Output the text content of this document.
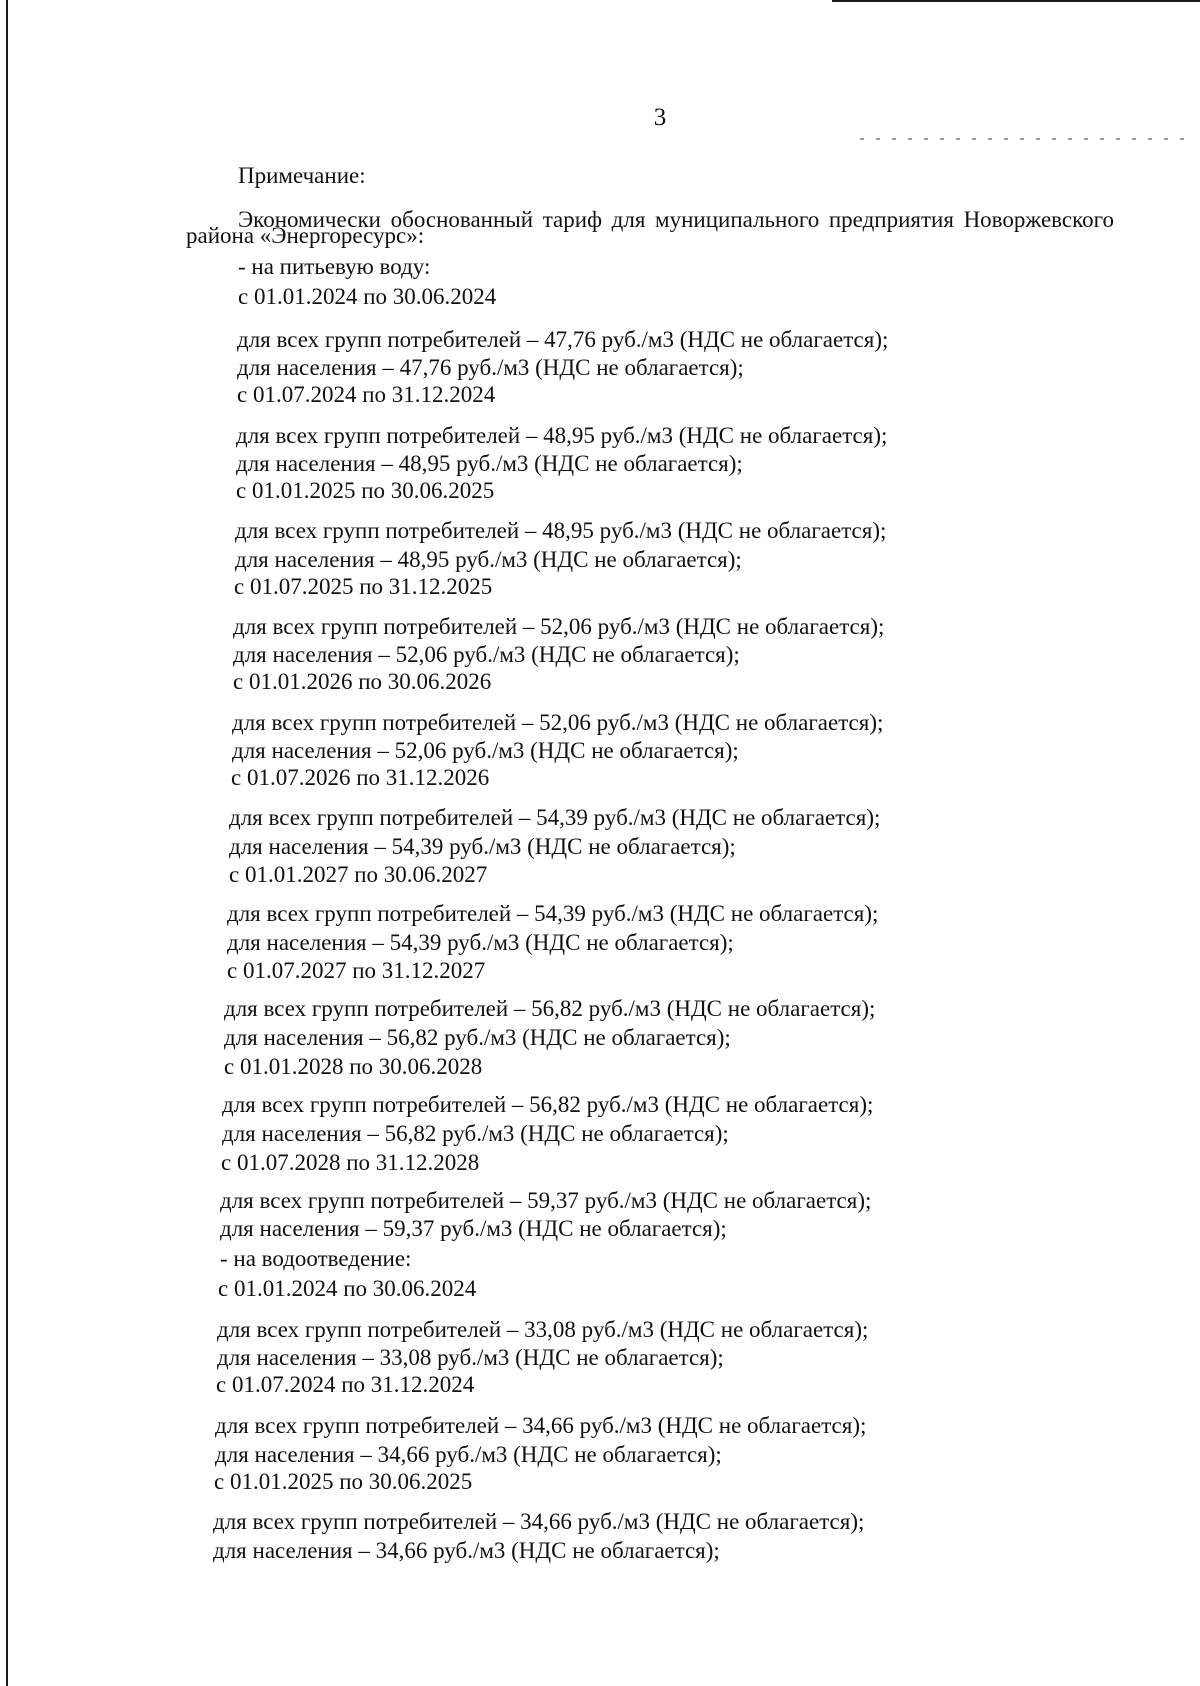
3
Примечание:
Экономически обоснованный тариф для муниципального предприятия Новоржевского
района «Энергоресурс»:
- на питьевую воду:
с 01.01.2024 по 30.06.2024
для всех групп потребителей – 47,76 руб./м3 (НДС не облагается);
для населения – 47,76 руб./м3 (НДС не облагается);
с 01.07.2024 по 31.12.2024
для всех групп потребителей – 48,95 руб./м3 (НДС не облагается);
для населения – 48,95 руб./м3 (НДС не облагается);
с 01.01.2025 по 30.06.2025
для всех групп потребителей – 48,95 руб./м3 (НДС не облагается);
для населения – 48,95 руб./м3 (НДС не облагается);
с 01.07.2025 по 31.12.2025
для всех групп потребителей – 52,06 руб./м3 (НДС не облагается);
для населения – 52,06 руб./м3 (НДС не облагается);
с 01.01.2026 по 30.06.2026
для всех групп потребителей – 52,06 руб./м3 (НДС не облагается);
для населения – 52,06 руб./м3 (НДС не облагается);
с 01.07.2026 по 31.12.2026
для всех групп потребителей – 54,39 руб./м3 (НДС не облагается);
для населения – 54,39 руб./м3 (НДС не облагается);
с 01.01.2027 по 30.06.2027
для всех групп потребителей – 54,39 руб./м3 (НДС не облагается);
для населения – 54,39 руб./м3 (НДС не облагается);
с 01.07.2027 по 31.12.2027
для всех групп потребителей – 56,82 руб./м3 (НДС не облагается);
для населения – 56,82 руб./м3 (НДС не облагается);
с 01.01.2028 по 30.06.2028
для всех групп потребителей – 56,82 руб./м3 (НДС не облагается);
для населения – 56,82 руб./м3 (НДС не облагается);
с 01.07.2028 по 31.12.2028
для всех групп потребителей – 59,37 руб./м3 (НДС не облагается);
для населения – 59,37 руб./м3 (НДС не облагается);
- на водоотведение:
с 01.01.2024 по 30.06.2024
для всех групп потребителей – 33,08 руб./м3 (НДС не облагается);
для населения – 33,08 руб./м3 (НДС не облагается);
с 01.07.2024 по 31.12.2024
для всех групп потребителей – 34,66 руб./м3 (НДС не облагается);
для населения – 34,66 руб./м3 (НДС не облагается);
с 01.01.2025 по 30.06.2025
для всех групп потребителей – 34,66 руб./м3 (НДС не облагается);
для населения – 34,66 руб./м3 (НДС не облагается);
